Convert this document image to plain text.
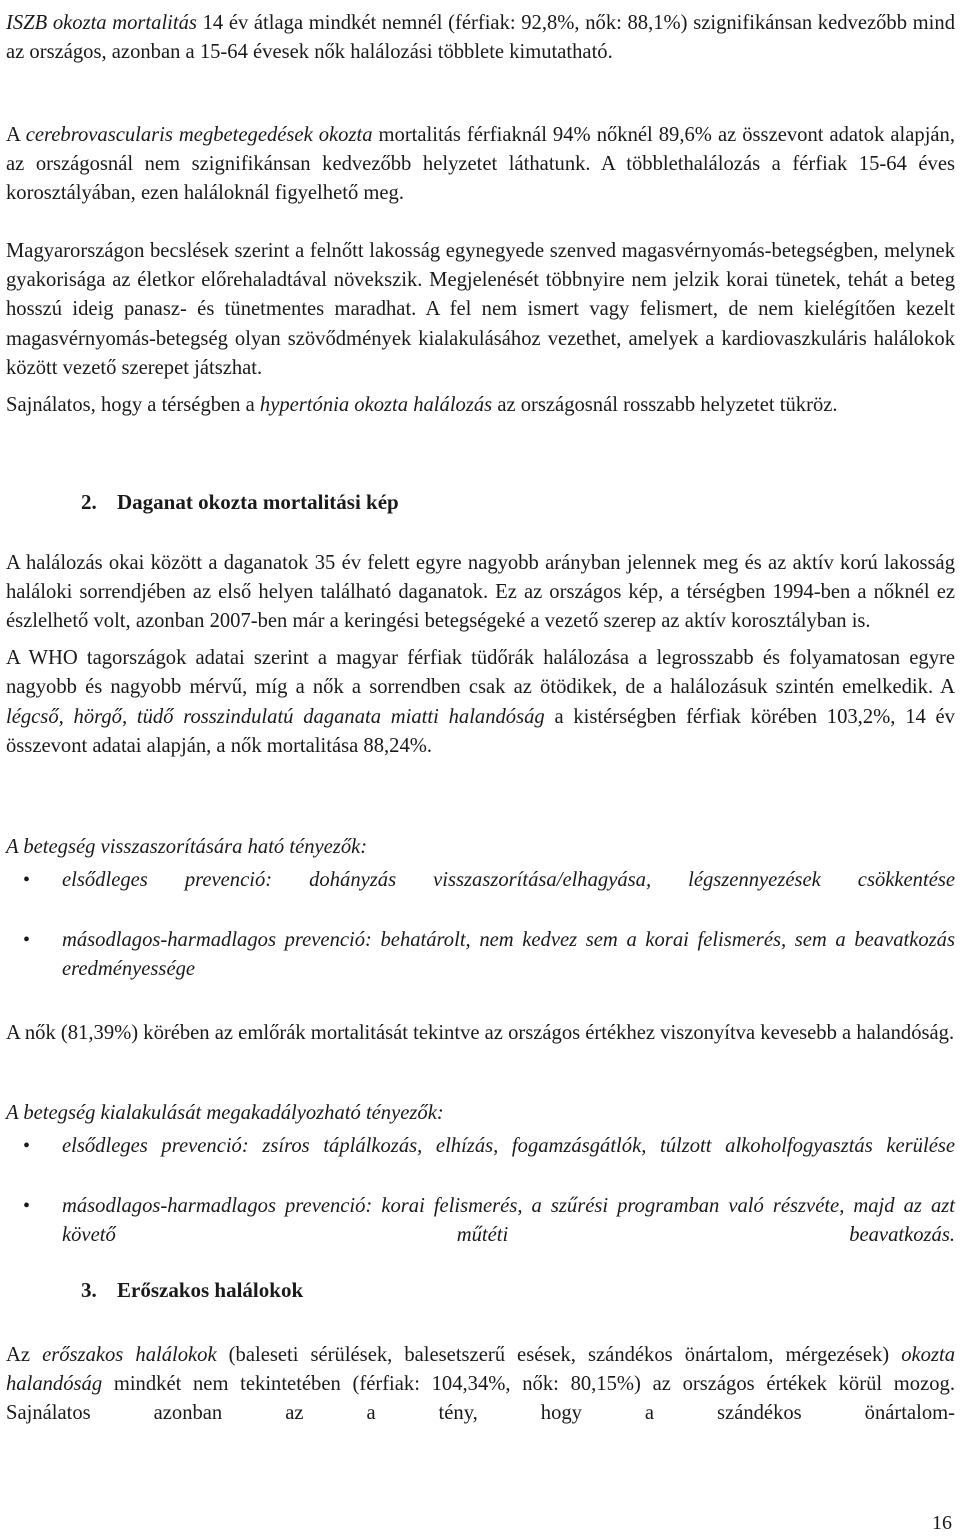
ISZB okozta mortalitás 14 év átlaga mindkét nemnél (férfiak: 92,8%, nők: 88,1%) szignifikánsan kedvezőbb mind az országos, azonban a 15-64 évesek nők halálozási többlete kimutatható.

A cerebrovascularis megbetegedések okozta mortalitás férfiaknál 94% nőknél 89,6% az összevont adatok alapján, az országosnál nem szignifikánsan kedvezőbb helyzetet láthatunk. A többlethalálozás a férfiak 15-64 éves korosztályában, ezen haláloknál figyelhető meg.

Magyarországon becslések szerint a felnőtt lakosság egynegyede szenved magasvérnyomás-betegségben, melynek gyakorisága az életkor előrehaladtával növekszik. Megjelenését többnyire nem jelzik korai tünetek, tehát a beteg hosszú ideig panasz- és tünetmentes maradhat. A fel nem ismert vagy felismert, de nem kielégítően kezelt magasvérnyomás-betegség olyan szövődmények kialakulásához vezethet, amelyek a kardiovaszkuláris halálokok között vezető szerepet játszhat.
Sajnálatos, hogy a térségben a hypertónia okozta halálozás az országosnál rosszabb helyzetet tükröz.

2. Daganat okozta mortalitási kép

A halálozás okai között a daganatok 35 év felett egyre nagyobb arányban jelennek meg és az aktív korú lakosság haláloki sorrendjében az első helyen található daganatok. Ez az országos kép, a térségben 1994-ben a nőknél ez észlelhető volt, azonban 2007-ben már a keringési betegségeké a vezető szerep az aktív korosztályban is.
A WHO tagországok adatai szerint a magyar férfiak tüdőrák halálozása a legrosszabb és folyamatosan egyre nagyobb és nagyobb mérvű, míg a nők a sorrendben csak az ötödikek, de a halálozásuk szintén emelkedik. A légcső, hörgő, tüdő rosszindulatú daganata miatti halandóság a kistérségben férfiak körében 103,2%, 14 év összevont adatai alapján, a nők mortalitása 88,24%.

A betegség visszaszorítására ható tényezők:
•	elsődleges prevenció: dohányzás visszaszorítása/elhagyása, légszennyezések csökkentése
•	másodlagos-harmadlagos prevenció: behatárolt, nem kedvez sem a korai felismerés, sem a beavatkozás eredményessége

A nők (81,39%) körében az emlőrák mortalitását tekintve az országos értékhez viszonyítva kevesebb a halandóság.

A betegség kialakulását megakadályozható tényezők:
•	elsődleges prevenció: zsíros táplálkozás, elhízás, fogamzásgátlók, túlzott alkoholfogyasztás kerülése
•	másodlagos-harmadlagos prevenció: korai felismerés, a szűrési programban való részvéte, majd az azt követő műtéti beavatkozás.
3. Erőszakos halálokok

Az erőszakos halálokok (baleseti sérülések, balesetszerű esések, szándékos önártalom, mérgezések) okozta halandóság mindkét nem tekintetében (férfiak: 104,34%, nők: 80,15%) az országos értékek körül mozog. Sajnálatos azonban az a tény, hogy a szándékos önártalom-

16
